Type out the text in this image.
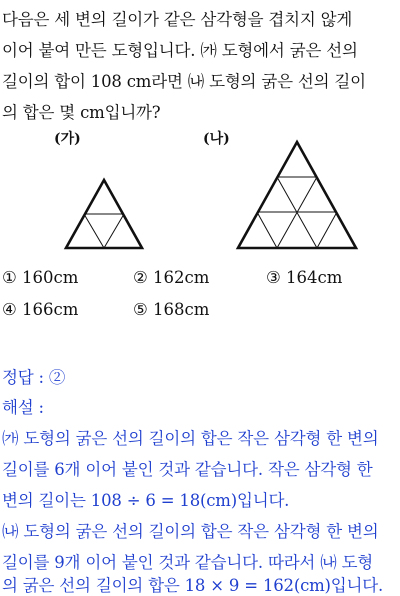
다음은 세 변의 길이가 같은 삼각형을 겹치지 않게
이어 붙여 만든 도형입니다. ㈎ 도형에서 굵은 선의
길이의 합이 108 cm라면 ㈏ 도형의 굵은 선의 길이
의 합은 몇 cm입니까?
(가)	(나)
① 160cm	② 162cm	③ 164cm
④ 166cm	⑤ 168cm
정답 : ②
해설 :
㈎ 도형의 굵은 선의 길이의 합은 작은 삼각형 한 변의
길이를 6개 이어 붙인 것과 같습니다. 작은 삼각형 한
변의 길이는 108 ÷ 6 = 18(cm)입니다.
㈏ 도형의 굵은 선의 길이의 합은 작은 삼각형 한 변의
길이를 9개 이어 붙인 것과 같습니다. 따라서 ㈏ 도형
의 굵은 선의 길이의 합은 18 × 9 = 162(cm)입니다.
